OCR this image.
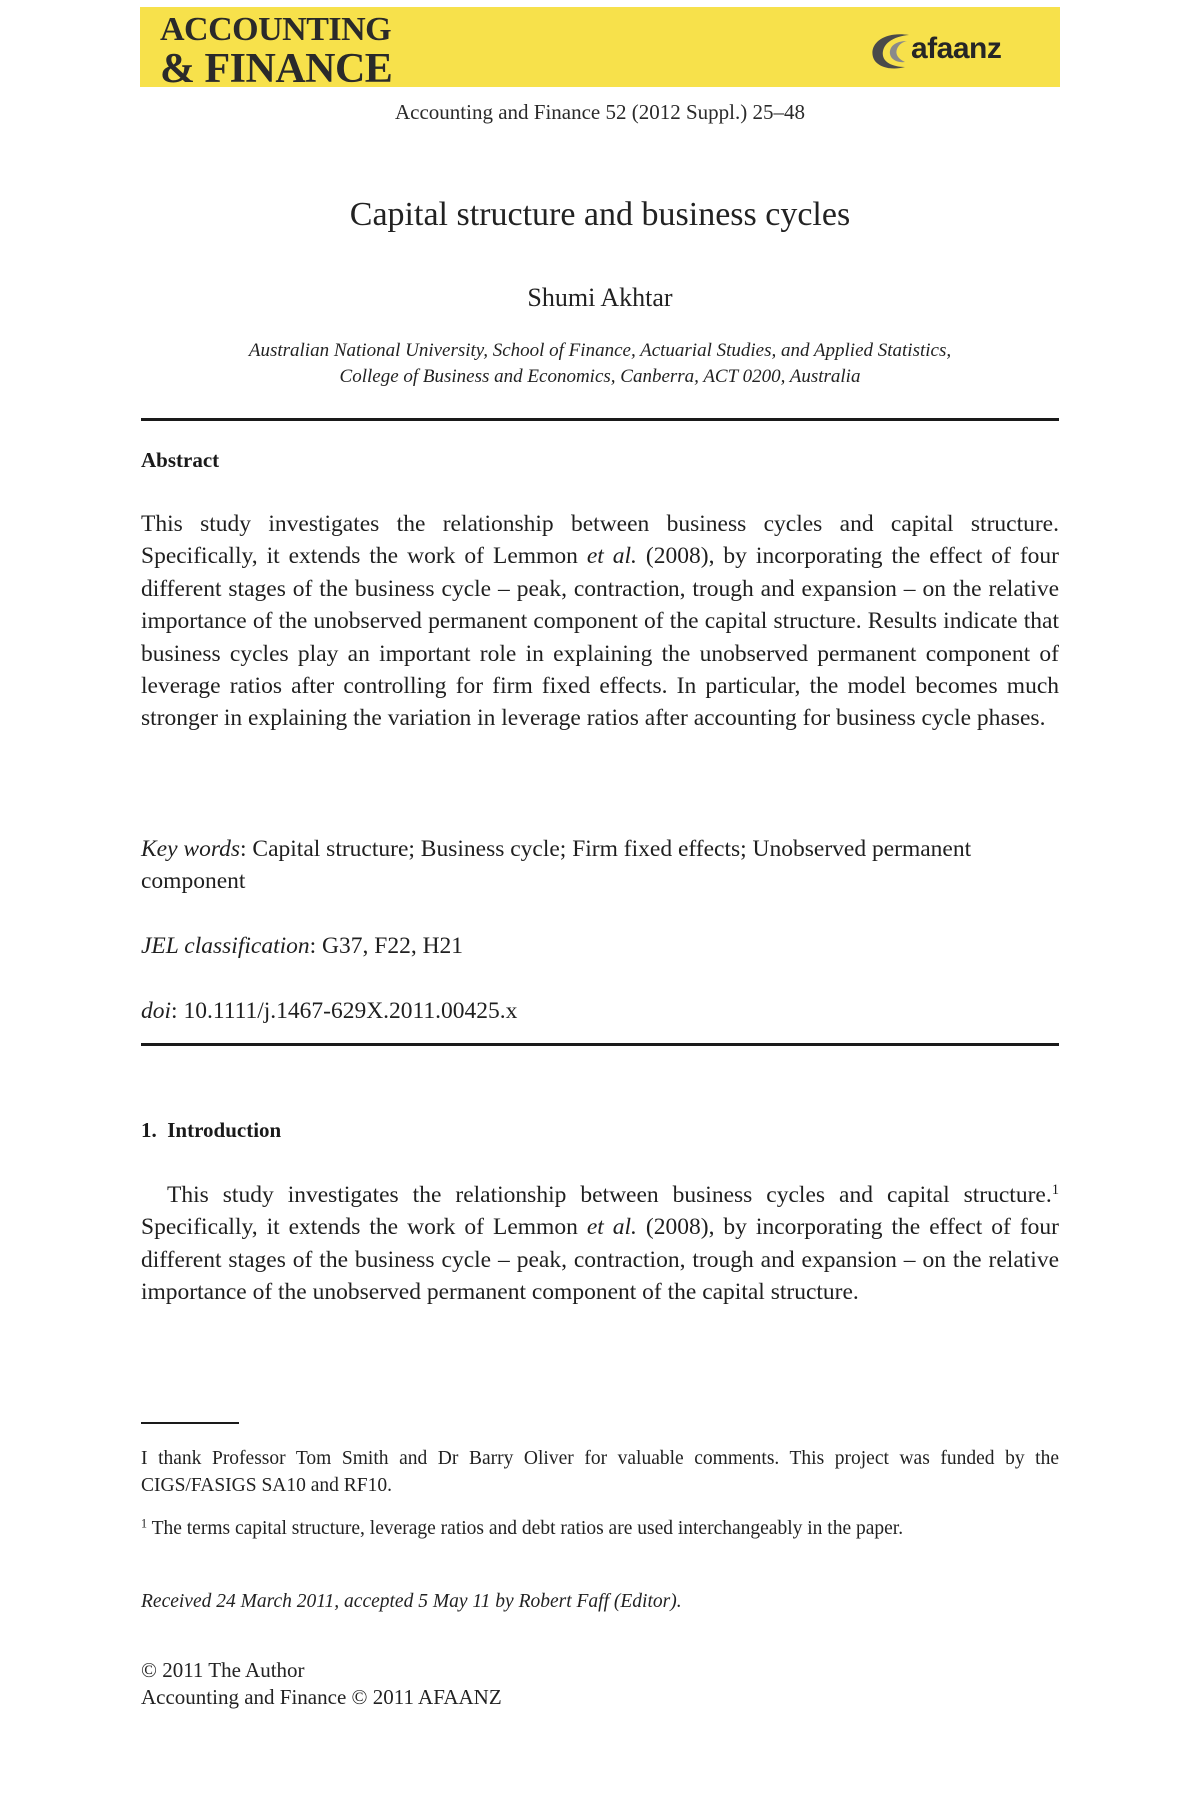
ACCOUNTING
& FINANCE	afaanz
Accounting and Finance 52 (2012 Suppl.) 25–48
Capital structure and business cycles
Shumi Akhtar
Australian National University, School of Finance, Actuarial Studies, and Applied Statistics,
College of Business and Economics, Canberra, ACT 0200, Australia
Abstract

This study investigates the relationship between business cycles and capital structure. Specifically, it extends the work of Lemmon et al. (2008), by incorporating the effect of four different stages of the business cycle – peak, contraction, trough and expansion – on the relative importance of the unobserved permanent component of the capital structure. Results indicate that business cycles play an important role in explaining the unobserved permanent component of leverage ratios after controlling for firm fixed effects. In particular, the model becomes much stronger in explaining the variation in leverage ratios after accounting for business cycle phases.

Key words: Capital structure; Business cycle; Firm fixed effects; Unobserved permanent component
JEL classification: G37, F22, H21
doi: 10.1111/j.1467-629X.2011.00425.x
1.  Introduction

This study investigates the relationship between business cycles and capital structure.$^1$ Specifically, it extends the work of Lemmon et al. (2008), by incorporating the effect of four different stages of the business cycle – peak, contraction, trough and expansion – on the relative importance of the unobserved permanent component of the capital structure.

I thank Professor Tom Smith and Dr Barry Oliver for valuable comments. This project was funded by the CIGS/FASIGS SA10 and RF10.
$^1$ The terms capital structure, leverage ratios and debt ratios are used interchangeably in the paper.
Received 24 March 2011, accepted 5 May 11 by Robert Faff (Editor).
© 2011 The Author
Accounting and Finance © 2011 AFAANZ
